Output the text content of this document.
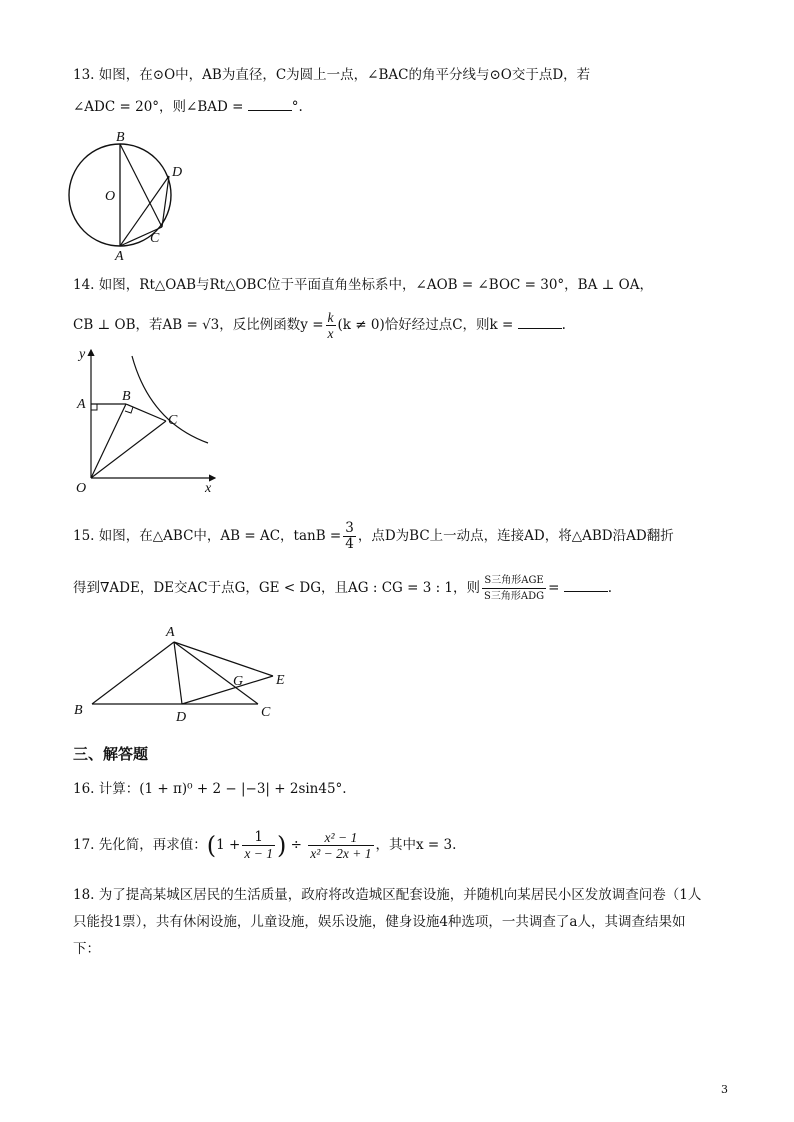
13. 如图，在⊙O中，AB为直径，C为圆上一点，∠BAC的角平分线与⊙O交于点D，若
∠ADC = 20°，则∠BAD =	°.
B
O
D
A
C
14. 如图，Rt△OAB与Rt△OBC位于平面直角坐标系中，∠AOB = ∠BOC = 30°，BA ⊥ OA，
CB ⊥ OB，若AB = √3，反比例函数$y = \frac{k}{x} (k \ne 0)$恰好经过点C，则k =	.
y
A
B
C
O	x
15. 如图，在△ABC中，AB = AC，$\tan B = \frac{3}{4}$ ，点D为BC上一动点，连接AD，将△ABD沿AD翻折
得到∇ADE，DE交AC于点G，GE < DG，且AG : CG = 3 : 1，则 $\frac{\text{S三角形AGE}}{\text{S三角形ADG}}$ =	.
A
G E
B	D	C
三、解答题
16. 计算：(1 + π)⁰ + 2 − |−3| + 2sin45°.
17. 先化简，再求值：($1 + \frac{1}{x - 1}$ ) ÷ $\frac{\text{x² − 1}}{\text{x² − 2x + 1}}$ ，其中x = 3.
18. 为了提高某城区居民的生活质量，政府将改造城区配套设施，并随机向某居民小区发放调查问卷（1人
只能投1票），共有休闲设施，儿童设施，娱乐设施，健身设施4种选项，一共调查了a人，其调查结果如
下：
3
